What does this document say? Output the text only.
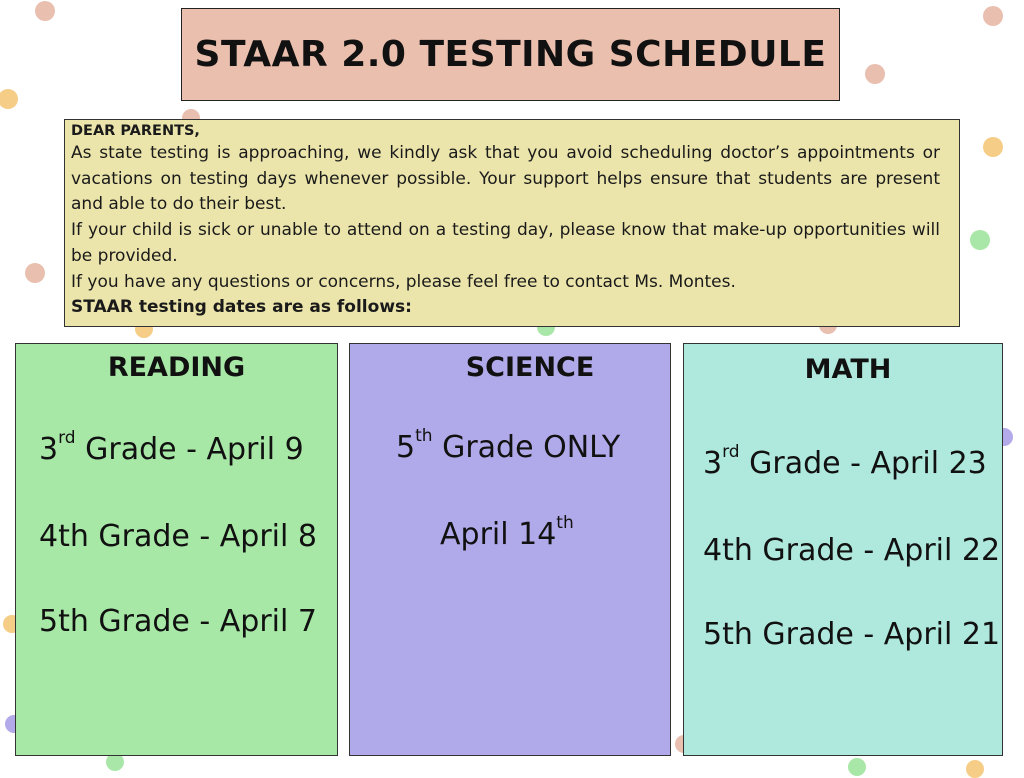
STAAR 2.0 TESTING SCHEDULE
DEAR PARENTS,

As state testing is approaching, we kindly ask that you avoid scheduling doctor’s appointments or vacations on testing days whenever possible. Your support helps ensure that students are present and able to do their best.

If your child is sick or unable to attend on a testing day, please know that make-up opportunities will be provided.

If you have any questions or concerns, please feel free to contact Ms. Montes.

STAAR testing dates are as follows:

READING
3rd Grade - April 9
4th Grade - April 8
5th Grade - April 7
SCIENCE
5th Grade ONLY
April 14th
MATH
3rd Grade - April 23
4th Grade - April 22
5th Grade - April 21
